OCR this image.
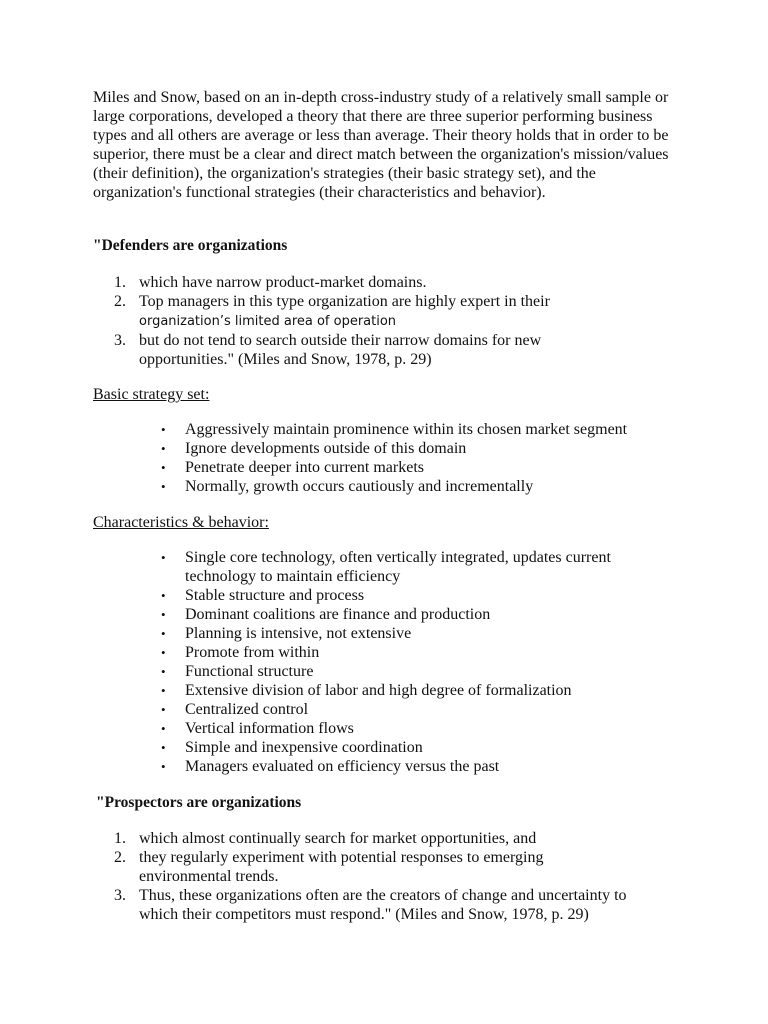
Miles and Snow, based on an in-depth cross-industry study of a relatively small sample or large corporations, developed a theory that there are three superior performing business types and all others are average or less than average. Their theory holds that in order to be superior, there must be a clear and direct match between the organization's mission/values (their definition), the organization's strategies (their basic strategy set), and the organization's functional strategies (their characteristics and behavior).

"Defenders are organizations

1. which have narrow product-market domains.
2. Top managers in this type organization are highly expert in their
organization’s limited area of operation
3. but do not tend to search outside their narrow domains for new
opportunities." (Miles and Snow, 1978, p. 29)

Basic strategy set:

• Aggressively maintain prominence within its chosen market segment
• Ignore developments outside of this domain
• Penetrate deeper into current markets
• Normally, growth occurs cautiously and incrementally

Characteristics & behavior:

• Single core technology, often vertically integrated, updates current technology to maintain efficiency
• Stable structure and process
• Dominant coalitions are finance and production
• Planning is intensive, not extensive
• Promote from within
• Functional structure
• Extensive division of labor and high degree of formalization
• Centralized control
• Vertical information flows
• Simple and inexpensive coordination
• Managers evaluated on efficiency versus the past

"Prospectors are organizations

1. which almost continually search for market opportunities, and
2. they regularly experiment with potential responses to emerging
environmental trends.
3. Thus, these organizations often are the creators of change and uncertainty to
which their competitors must respond." (Miles and Snow, 1978, p. 29)
